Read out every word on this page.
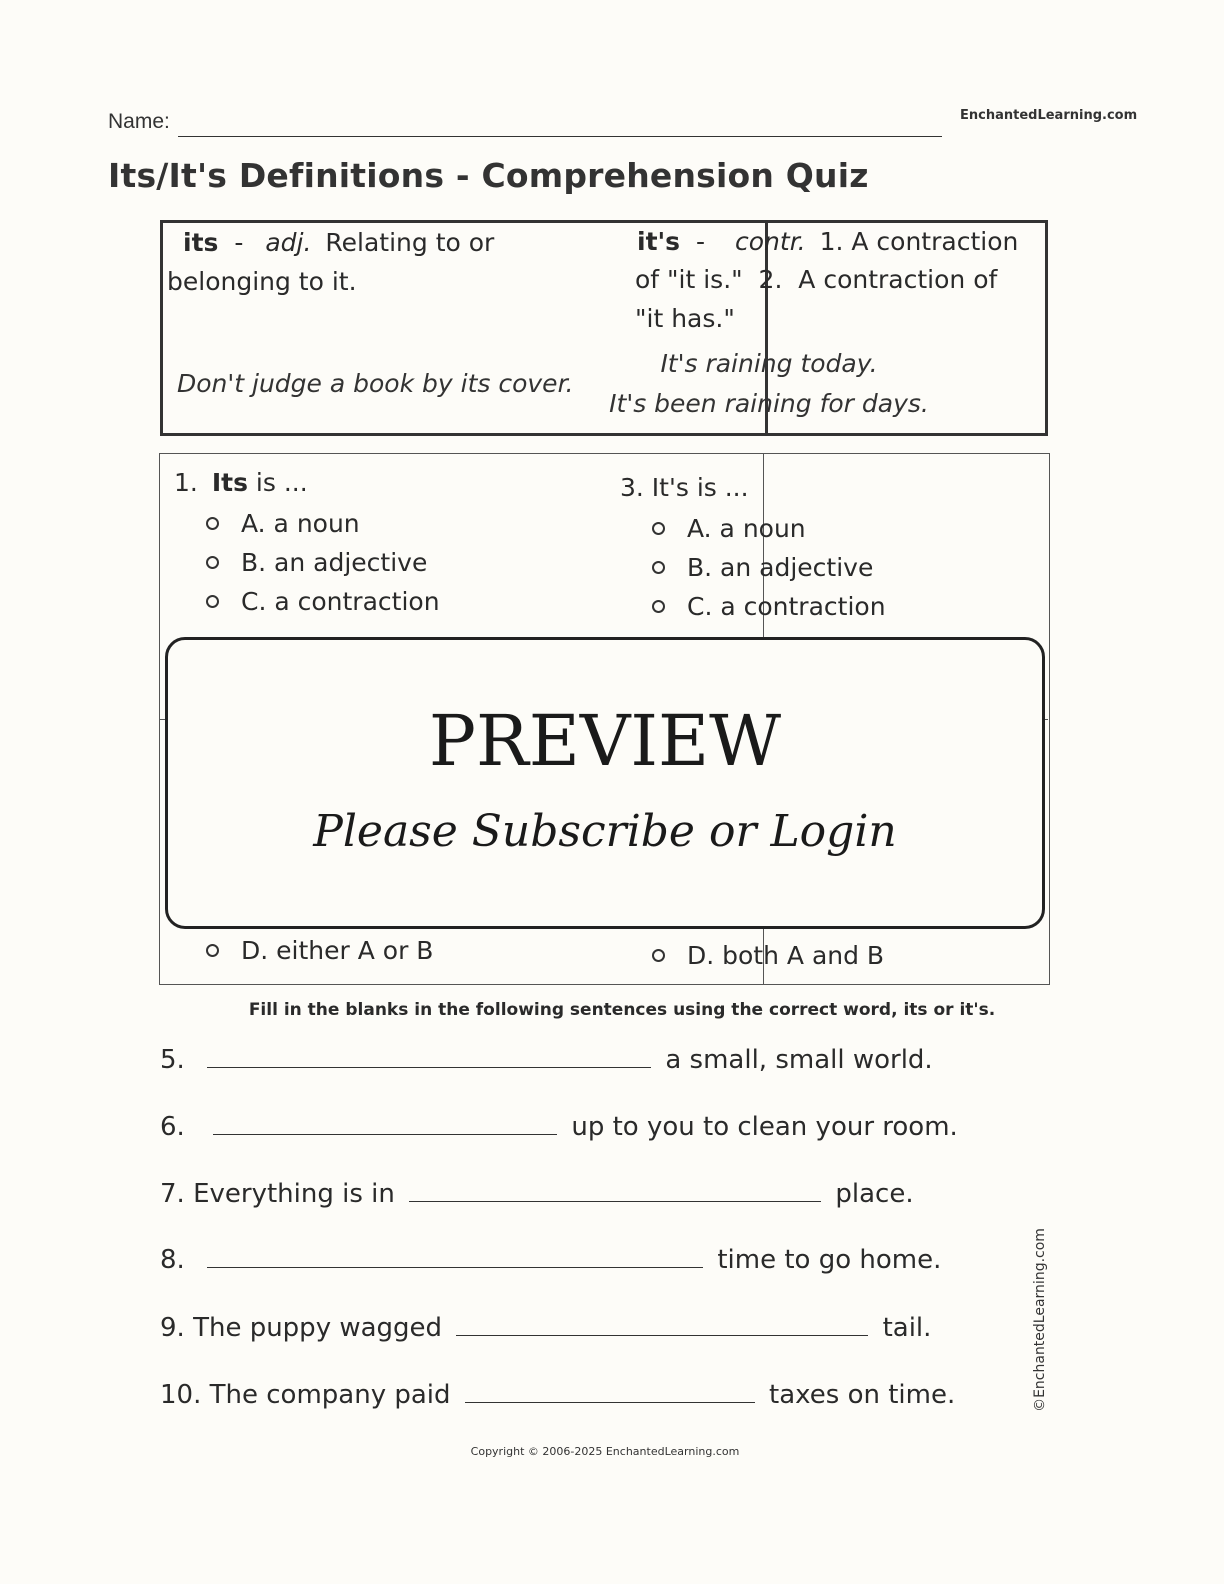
Name:	EnchantedLearning.com
Its/It's Definitions - Comprehension Quiz
its - adj. Relating to or
belonging to it.
Don't judge a book by its cover.
it's - contr. 1. A contraction
of "it is."  2.  A contraction of
"it has."
It's raining today.
It's been raining for days.
1. Its is ...
A. a noun
B. an adjective
C. a contraction
D. either A or B
3. It's is ...
A. a noun
B. an adjective
C. a contraction
D. both A and B
PREVIEW
Please Subscribe or Login
Fill in the blanks in the following sentences using the correct word, its or it's.
5.	a small, small world.
6.	up to you to clean your room.
7. Everything is in	place.
8.	time to go home.
9. The puppy wagged	tail.
10. The company paid	taxes on time.	©EnchantedLearning.com
Copyright © 2006-2025 EnchantedLearning.com
